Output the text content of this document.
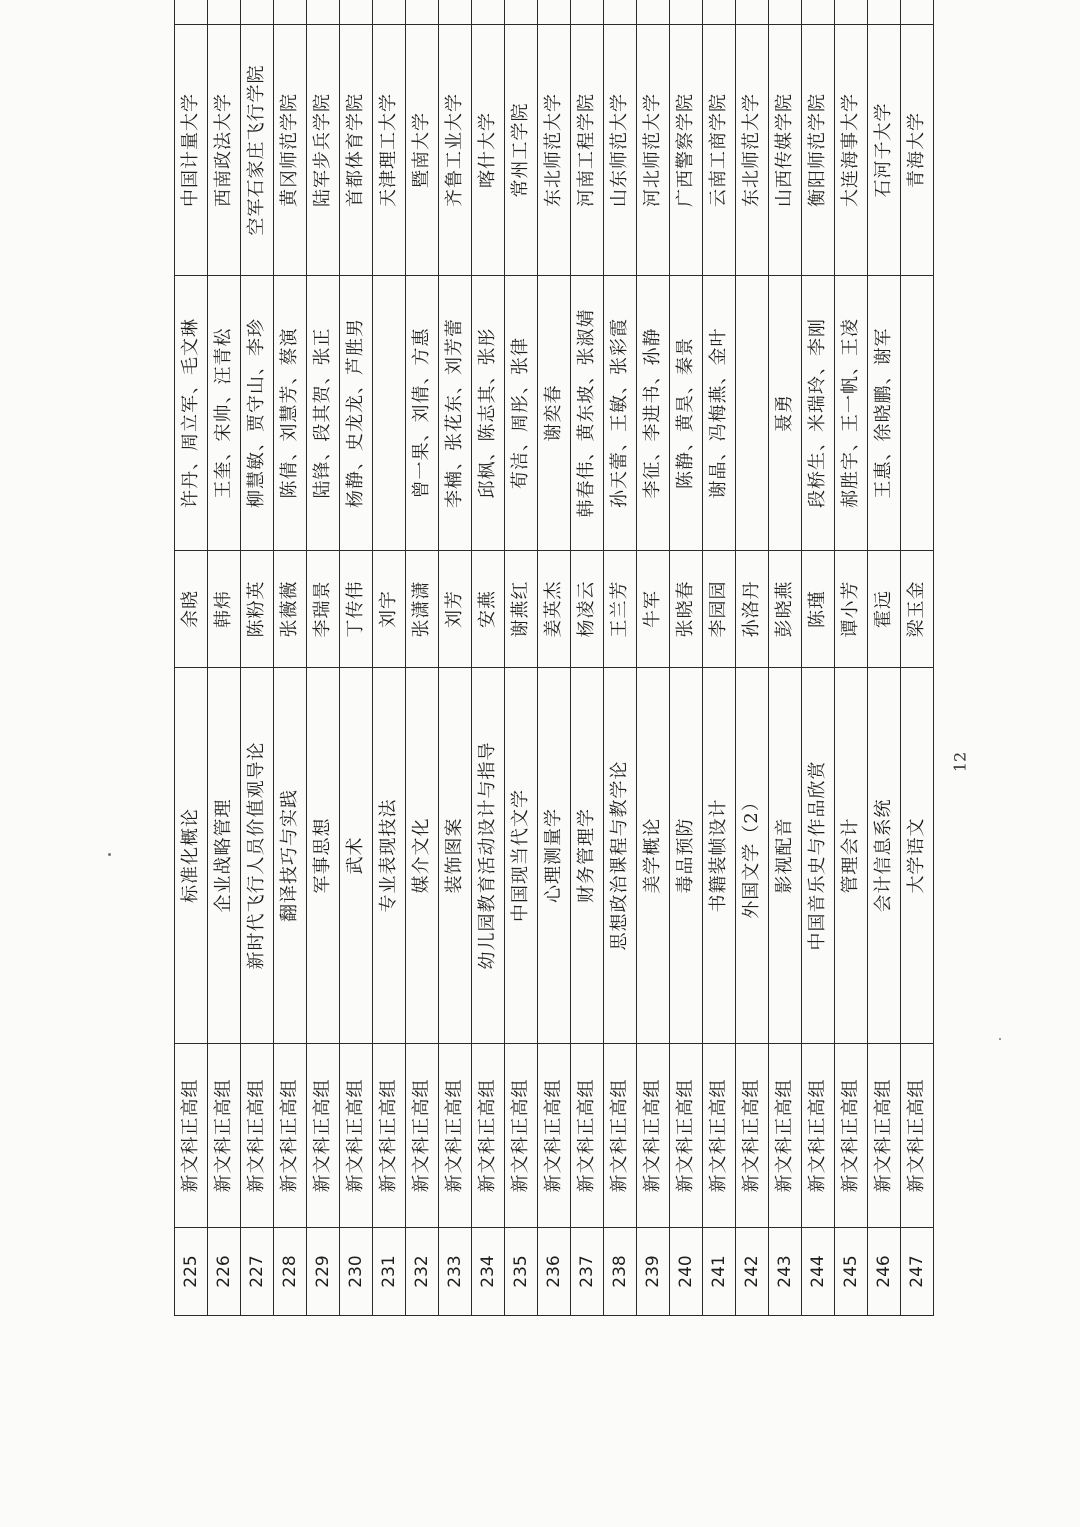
225	新文科正高组	标准化概论	余晓	许丹、周立军、毛文琳	中国计量大学	
226	新文科正高组	企业战略管理	韩炜	王奎、宋帅、汪青松	西南政法大学	
227	新文科正高组	新时代飞行人员价值观导论	陈粉英	柳慧敏、贾守山、李珍	空军石家庄飞行学院	
228	新文科正高组	翻译技巧与实践	张薇薇	陈倩、刘慧芳、蔡演	黄冈师范学院	
229	新文科正高组	军事思想	李瑞景	陆锋、段其贺、张正	陆军步兵学院	
230	新文科正高组	武术	丁传伟	杨静、史龙龙、芦胜男	首都体育学院	
231	新文科正高组	专业表现技法	刘宇		天津理工大学	
232	新文科正高组	媒介文化	张潇潇	曾一果、刘倩、方惠	暨南大学	
233	新文科正高组	装饰图案	刘芳	李楠、张花东、刘芳蕾	齐鲁工业大学	
234	新文科正高组	幼儿园教育活动设计与指导	安燕	邱枫、陈志其、张彤	喀什大学	
235	新文科正高组	中国现当代文学	谢燕红	荀洁、周彤、张律	常州工学院	
236	新文科正高组	心理测量学	姜英杰	谢奕春	东北师范大学	
237	新文科正高组	财务管理学	杨凌云	韩春伟、黄东坡、张淑婧	河南工程学院	
238	新文科正高组	思想政治课程与教学论	王兰芳	孙天蕾、王敏、张彩霞	山东师范大学	
239	新文科正高组	美学概论	牛军	李征、李进书、孙静	河北师范大学	
240	新文科正高组	毒品预防	张晓春	陈静、黄昊、秦景	广西警察学院	
241	新文科正高组	书籍装帧设计	李园园	谢晶、冯梅燕、金叶	云南工商学院	
242	新文科正高组	外国文学（2）	孙洛丹		东北师范大学	
243	新文科正高组	影视配音	彭晓燕	聂勇	山西传媒学院	
244	新文科正高组	中国音乐史与作品欣赏	陈瑾	段桥生、米瑞玲、李刚	衡阳师范学院	
245	新文科正高组	管理会计	谭小芳	郝胜宇、王一帆、王凌	大连海事大学	
246	新文科正高组	会计信息系统	霍远	王惠、徐晓鹏、谢军	石河子大学	
247	新文科正高组	大学语文	梁玉金		青海大学	
12
